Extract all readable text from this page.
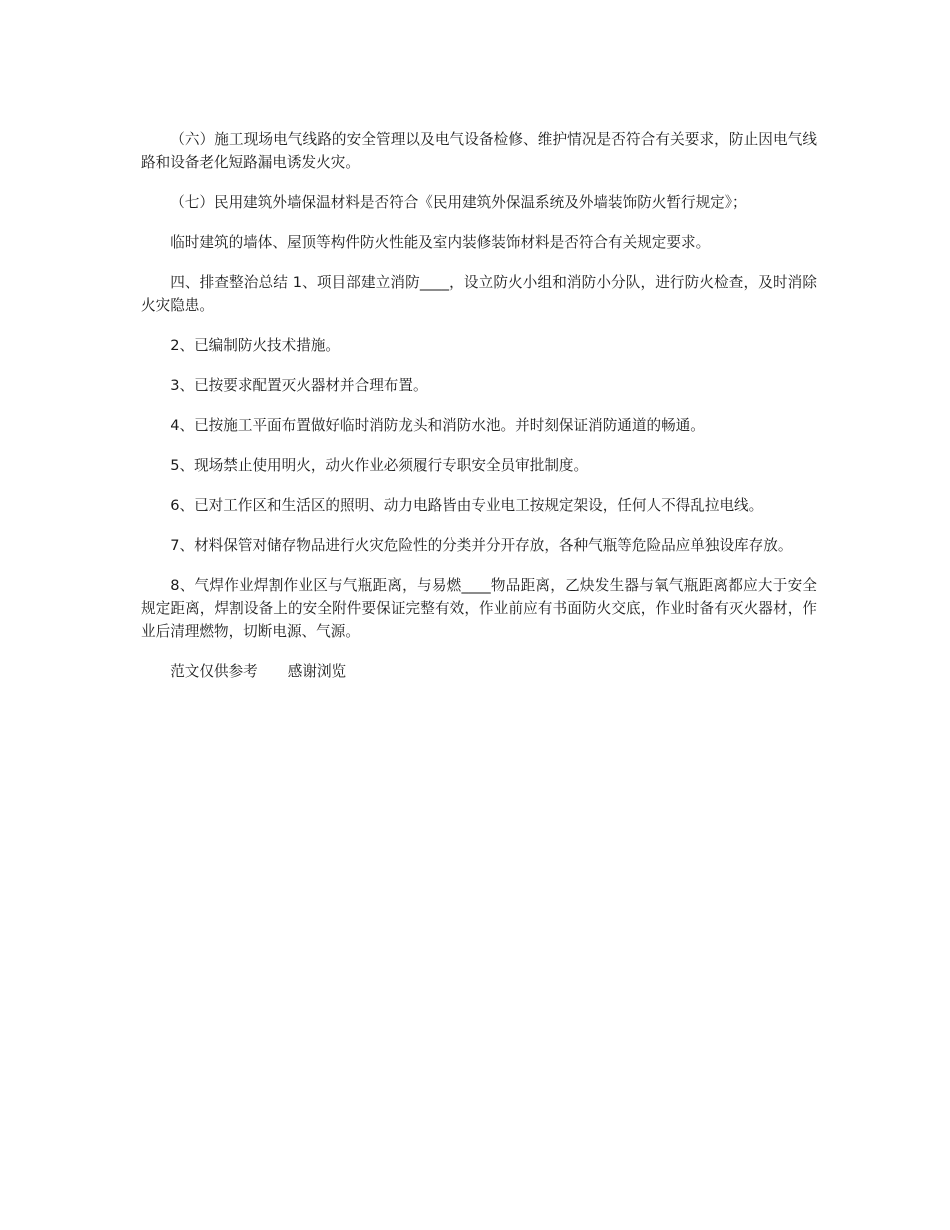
（六）施工现场电气线路的安全管理以及电气设备检修、维护情况是否符合有关要求，防止因电气线路和设备老化短路漏电诱发火灾。

（七）民用建筑外墙保温材料是否符合《民用建筑外保温系统及外墙装饰防火暂行规定》；

临时建筑的墙体、屋顶等构件防火性能及室内装修装饰材料是否符合有关规定要求。

四、排查整治总结 1、项目部建立消防____，设立防火小组和消防小分队，进行防火检查，及时消除火灾隐患。

2、已编制防火技术措施。

3、已按要求配置灭火器材并合理布置。

4、已按施工平面布置做好临时消防龙头和消防水池。并时刻保证消防通道的畅通。

5、现场禁止使用明火，动火作业必须履行专职安全员审批制度。

6、已对工作区和生活区的照明、动力电路皆由专业电工按规定架设，任何人不得乱拉电线。

7、材料保管对储存物品进行火灾危险性的分类并分开存放，各种气瓶等危险品应单独设库存放。

8、气焊作业焊割作业区与气瓶距离，与易燃____物品距离，乙炔发生器与氧气瓶距离都应大于安全规定距离，焊割设备上的安全附件要保证完整有效，作业前应有书面防火交底，作业时备有灭火器材，作业后清理燃物，切断电源、气源。

范文仅供参考 感谢浏览
